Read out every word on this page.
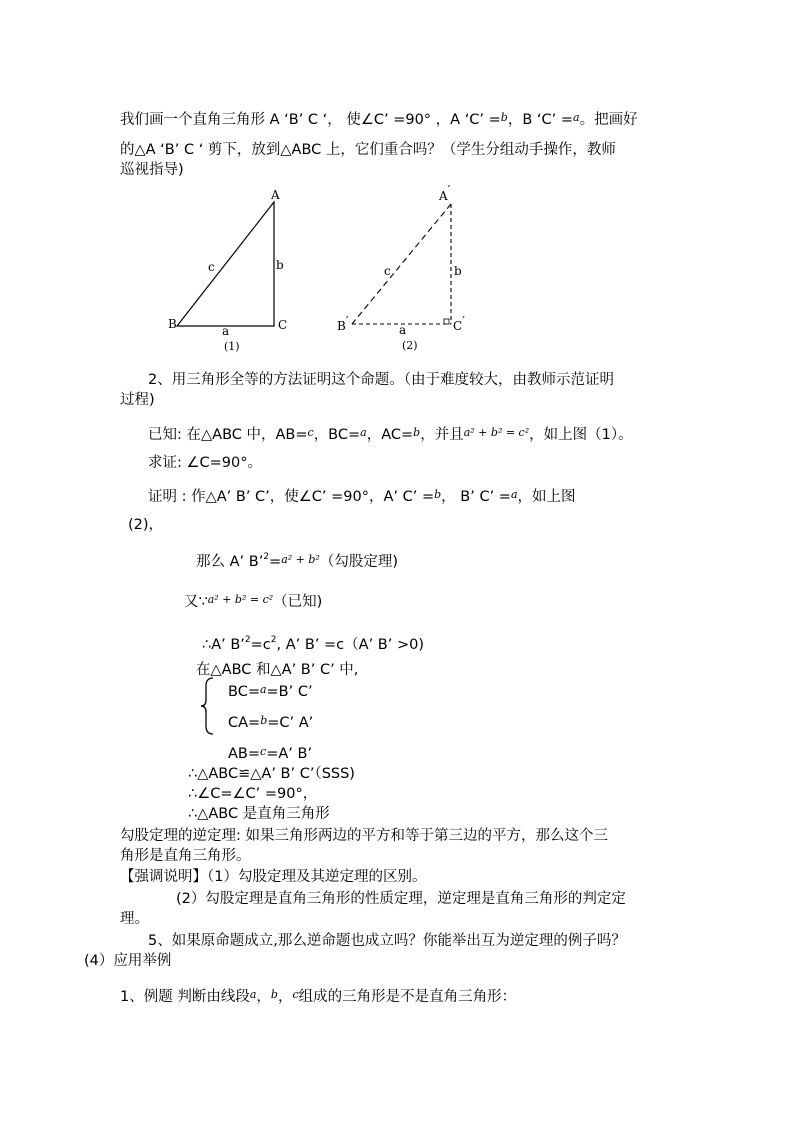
我们画一个直角三角形 A ‘B’ C ‘， 使∠C’ =90° ，A ‘C’ =$^b$，B ‘C’ =$^a$。把画好
的△A ‘B’ C ‘ 剪下，放到△ABC 上，它们重合吗？（学生分组动手操作，教师
巡视指导)
A
B	C
b
c
a
(1)
A′
B′	C′
b
c
a
(2)
2、用三角形全等的方法证明这个命题。（由于难度较大，由教师示范证明
过程)
已知: 在△ABC 中，AB=$^c$，BC=$^a$，AC=$^b$，并且$^{a^2 + b^2 = c^2}$，如上图（1）。
求证: ∠C=90°。
证明 : 作△A’ B’ C’，使∠C’ =90°，A’ C’ =$^b$， B’ C’ =$^a$，如上图
(2)，
那么 A’ B’$^2$=$^{a^2 + b^2}$（勾股定理)
又∵$^{a^2 + b^2 = c^2}$（已知)
∴A’ $B’^2=c^2$, A’ B’ =c（A’ B’ >0)
在△ABC 和△A’ B’ C’ 中,
BC=$^a$=B’ C’
CA=$^b$=C’ A’
AB=$^c$=A’ B’
∴△ABC≌△A’ B’ C’（SSS)
∴∠C=∠C’ =90°，
∴△ABC 是直角三角形
勾股定理的逆定理: 如果三角形两边的平方和等于第三边的平方，那么这个三
角形是直角三角形。
【强调说明】（1）勾股定理及其逆定理的区别。
(2）勾股定理是直角三角形的性质定理，逆定理是直角三角形的判定定
理。
5、如果原命题成立,那么逆命题也成立吗？你能举出互为逆定理的例子吗？
(4）应用举例
1、例题 判断由线段$^a$，$^b$，$^c$组成的三角形是不是直角三角形：
